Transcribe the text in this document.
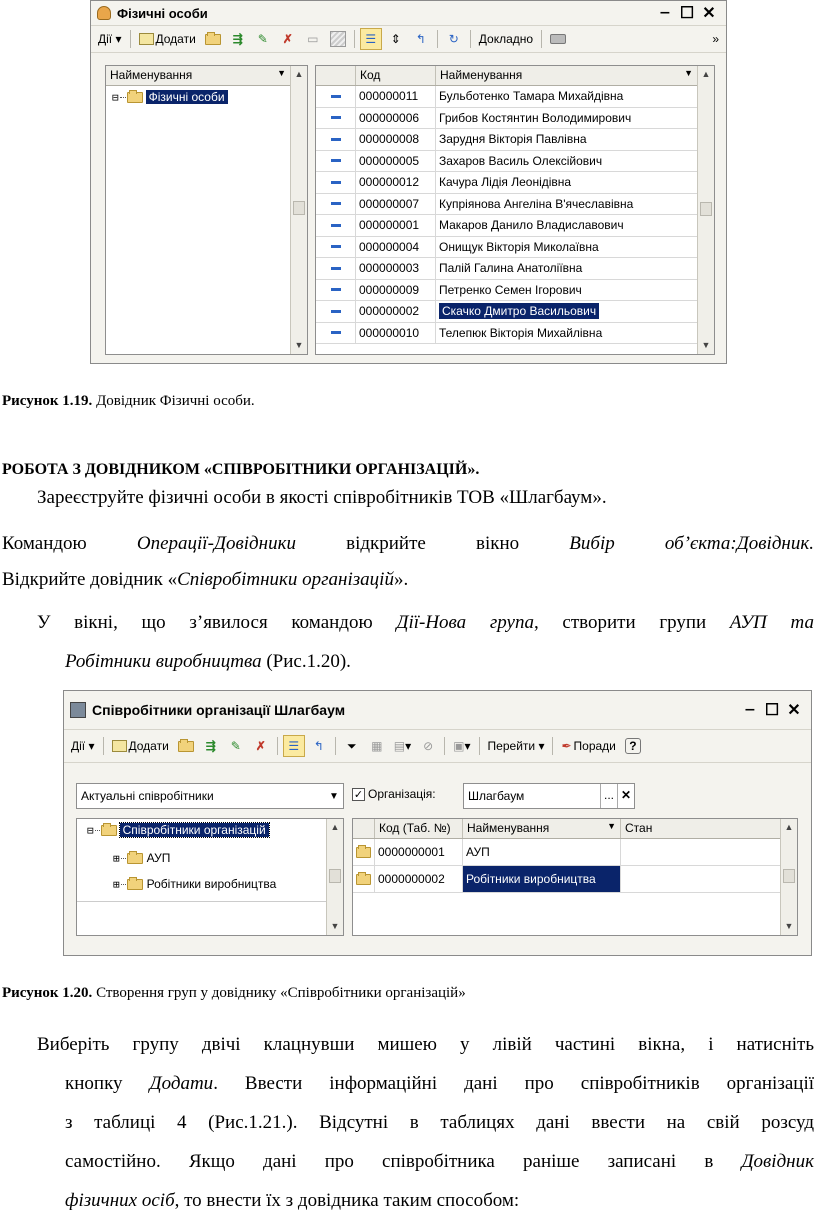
Фізичні особи	‒ ☐ ✕
Дії ▾	Додати	⇶ ✎ ✗ ▭	☰ ⇕ ↰ ↻ Докладно	»
Найменування	▼
⊟	Фізичні особи
▲
▼
Код	Найменування	▼
000000011	Бульботенко Тамара Михайдівна
000000006	Грибов Костянтин Володимирович
000000008	Зарудня Вікторія Павлівна
000000005	Захаров Василь Олексійович
000000012	Качура Лідія Леонідівна
000000007	Купріянова Ангеліна В'ячеславівна
000000001	Макаров Данило Владиславович
000000004	Онищук Вікторія Миколаївна
000000003	Палій Галина Анатоліївна
000000009	Петренко Семен Ігорович
000000002	Скачко Дмитро Васильович
000000010	Телепюк Вікторія Михайлівна
▲
▼
Рисунок 1.19. Довідник Фізичні особи.
РОБОТА З ДОВІДНИКОМ «СПІВРОБІТНИКИ ОРГАНІЗАЦІЙ».
Зареєструйте фізичні особи в якості співробітників ТОВ «Шлагбаум».
Командою	Операції-Довідники	відкрийте	вікно	Вибір	об’єкта:Довідник.
Відкрийте довідник «Співробітники організацій».
У вікні, що з’явилося командою Дії-Нова група, створити групи АУП та
Робітники виробництва (Рис.1.20).
Співробітники організації Шлагбаум	‒ ☐ ✕
Дії ▾	Додати	⇶ ✎ ✗ ☰ ↰ ⏷ ▦ ▤ ▾ ⊘ ▣ ▾ Перейти ▾ ✒ Поради	?
Актуальні співробітники	▼	✓ Організація:	Шлагбаум	... ✕
⊟ Співробітники організацій
⊞ АУП
⊞ Робітники виробництва
▲
▼
Код (Таб. №)	Найменування	▼ Стан
0000000001	АУП
0000000002	Робітники виробництва
▲
▼
Рисунок 1.20. Створення груп у довіднику «Співробітники організацій»
Виберіть групу двічі клацнувши мишею у лівій частині вікна, і натисніть
кнопку Додати. Ввести інформаційні дані про співробітників організації
з таблиці 4 (Рис.1.21.). Відсутні в таблицях дані ввести на свій розсуд
самостійно. Якщо дані про співробітника раніше записані в Довідник
фізичних осіб, то внести їх з довідника таким способом:
